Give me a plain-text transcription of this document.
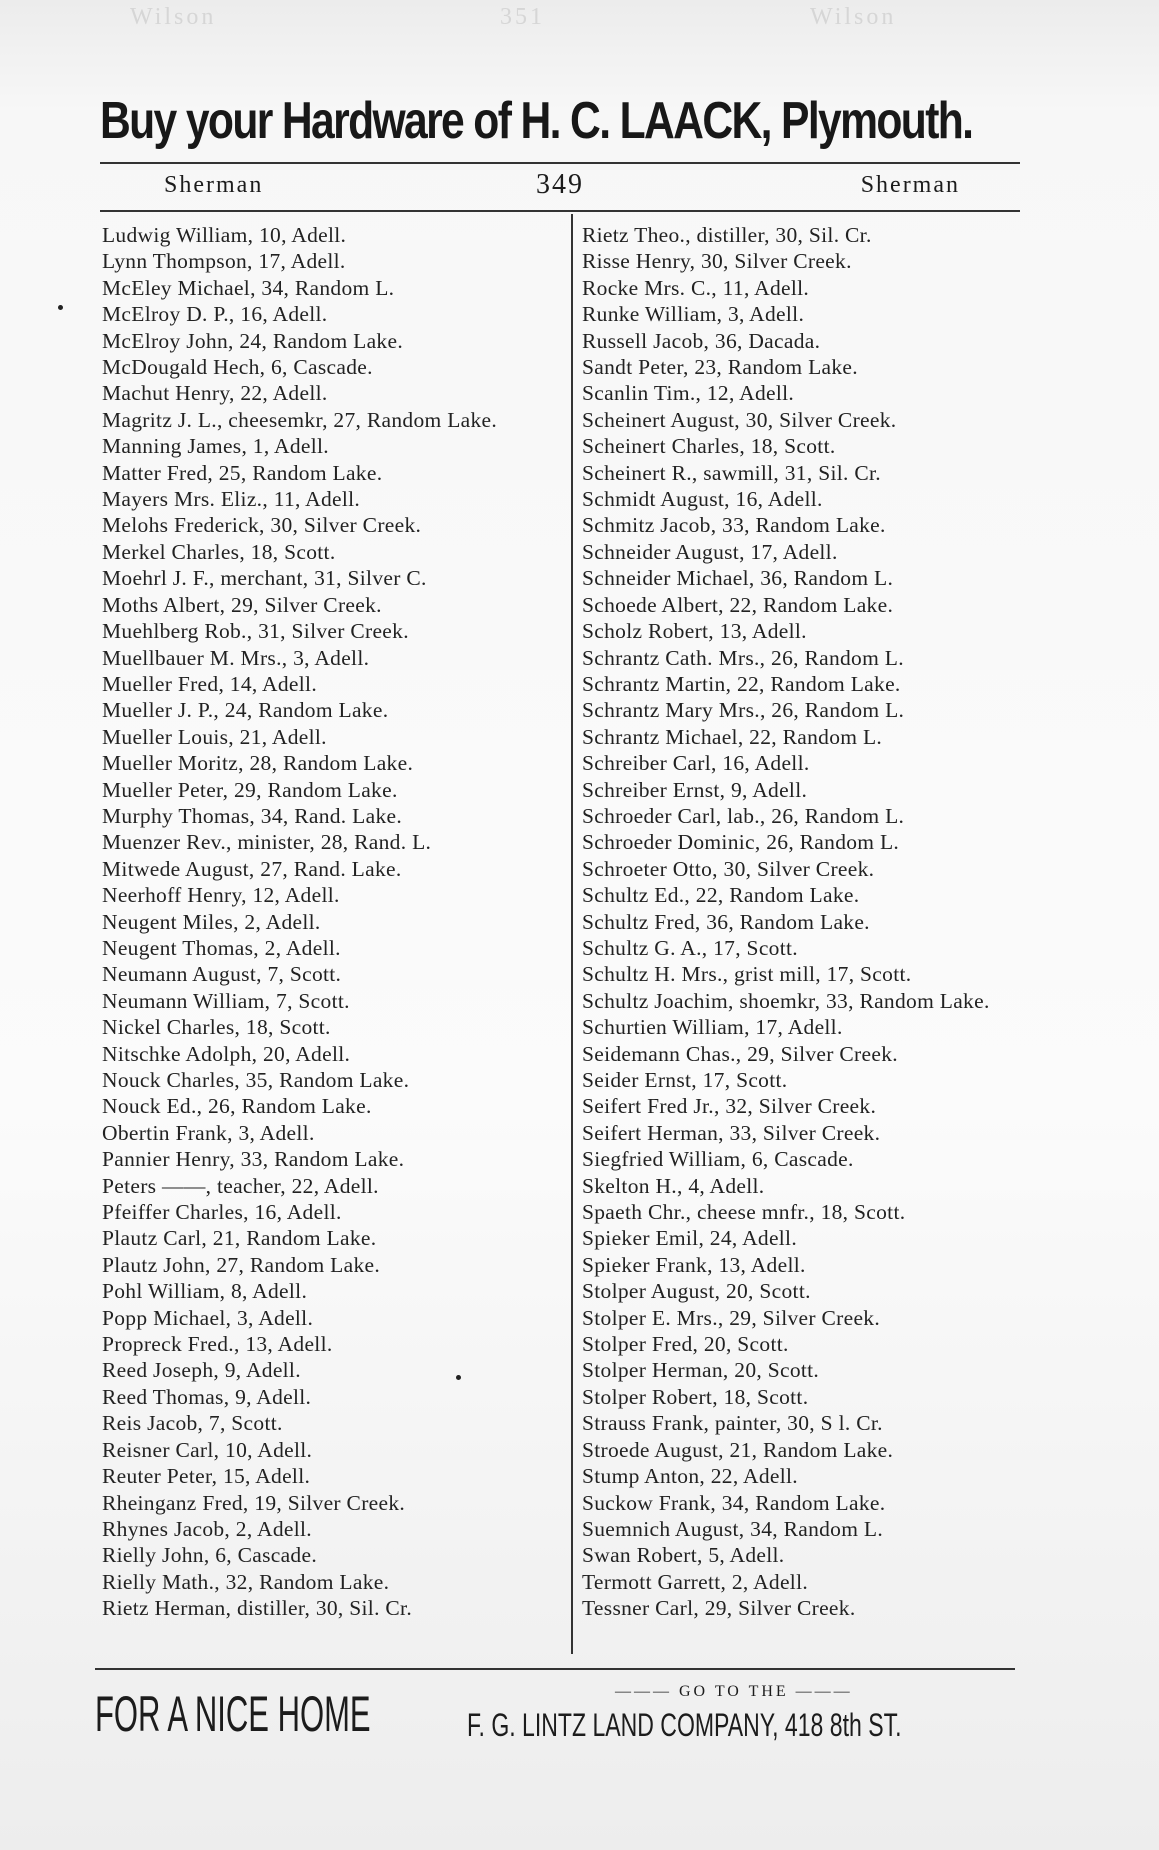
Wilson	351	Wilson
Buy your Hardware of H. C. LAACK, Plymouth.
Sherman	349	Sherman
Ludwig William, 10, Adell.
Lynn Thompson, 17, Adell.
McEley Michael, 34, Random L.
McElroy D. P., 16, Adell.
McElroy John, 24, Random Lake.
McDougald Hech, 6, Cascade.
Machut Henry, 22, Adell.
Magritz J. L., cheesemkr, 27, Random Lake.
Manning James, 1, Adell.
Matter Fred, 25, Random Lake.
Mayers Mrs. Eliz., 11, Adell.
Melohs Frederick, 30, Silver Creek.
Merkel Charles, 18, Scott.
Moehrl J. F., merchant, 31, Silver C.
Moths Albert, 29, Silver Creek.
Muehlberg Rob., 31, Silver Creek.
Muellbauer M. Mrs., 3, Adell.
Mueller Fred, 14, Adell.
Mueller J. P., 24, Random Lake.
Mueller Louis, 21, Adell.
Mueller Moritz, 28, Random Lake.
Mueller Peter, 29, Random Lake.
Murphy Thomas, 34, Rand. Lake.
Muenzer Rev., minister, 28, Rand. L.
Mitwede August, 27, Rand. Lake.
Neerhoff Henry, 12, Adell.
Neugent Miles, 2, Adell.
Neugent Thomas, 2, Adell.
Neumann August, 7, Scott.
Neumann William, 7, Scott.
Nickel Charles, 18, Scott.
Nitschke Adolph, 20, Adell.
Nouck Charles, 35, Random Lake.
Nouck Ed., 26, Random Lake.
Obertin Frank, 3, Adell.
Pannier Henry, 33, Random Lake.
Peters ——, teacher, 22, Adell.
Pfeiffer Charles, 16, Adell.
Plautz Carl, 21, Random Lake.
Plautz John, 27, Random Lake.
Pohl William, 8, Adell.
Popp Michael, 3, Adell.
Propreck Fred., 13, Adell.
Reed Joseph, 9, Adell.
Reed Thomas, 9, Adell.
Reis Jacob, 7, Scott.
Reisner Carl, 10, Adell.
Reuter Peter, 15, Adell.
Rheinganz Fred, 19, Silver Creek.
Rhynes Jacob, 2, Adell.
Rielly John, 6, Cascade.
Rielly Math., 32, Random Lake.
Rietz Herman, distiller, 30, Sil. Cr.
Rietz Theo., distiller, 30, Sil. Cr.
Risse Henry, 30, Silver Creek.
Rocke Mrs. C., 11, Adell.
Runke William, 3, Adell.
Russell Jacob, 36, Dacada.
Sandt Peter, 23, Random Lake.
Scanlin Tim., 12, Adell.
Scheinert August, 30, Silver Creek.
Scheinert Charles, 18, Scott.
Scheinert R., sawmill, 31, Sil. Cr.
Schmidt August, 16, Adell.
Schmitz Jacob, 33, Random Lake.
Schneider August, 17, Adell.
Schneider Michael, 36, Random L.
Schoede Albert, 22, Random Lake.
Scholz Robert, 13, Adell.
Schrantz Cath. Mrs., 26, Random L.
Schrantz Martin, 22, Random Lake.
Schrantz Mary Mrs., 26, Random L.
Schrantz Michael, 22, Random L.
Schreiber Carl, 16, Adell.
Schreiber Ernst, 9, Adell.
Schroeder Carl, lab., 26, Random L.
Schroeder Dominic, 26, Random L.
Schroeter Otto, 30, Silver Creek.
Schultz Ed., 22, Random Lake.
Schultz Fred, 36, Random Lake.
Schultz G. A., 17, Scott.
Schultz H. Mrs., grist mill, 17, Scott.
Schultz Joachim, shoemkr, 33, Random Lake.
Schurtien William, 17, Adell.
Seidemann Chas., 29, Silver Creek.
Seider Ernst, 17, Scott.
Seifert Fred Jr., 32, Silver Creek.
Seifert Herman, 33, Silver Creek.
Siegfried William, 6, Cascade.
Skelton H., 4, Adell.
Spaeth Chr., cheese mnfr., 18, Scott.
Spieker Emil, 24, Adell.
Spieker Frank, 13, Adell.
Stolper August, 20, Scott.
Stolper E. Mrs., 29, Silver Creek.
Stolper Fred, 20, Scott.
Stolper Herman, 20, Scott.
Stolper Robert, 18, Scott.
Strauss Frank, painter, 30, S l. Cr.
Stroede August, 21, Random Lake.
Stump Anton, 22, Adell.
Suckow Frank, 34, Random Lake.
Suemnich August, 34, Random L.
Swan Robert, 5, Adell.
Termott Garrett, 2, Adell.
Tessner Carl, 29, Silver Creek.
FOR A NICE HOME	——— GO TO THE ———
F. G. LINTZ LAND COMPANY, 418 8th ST.
